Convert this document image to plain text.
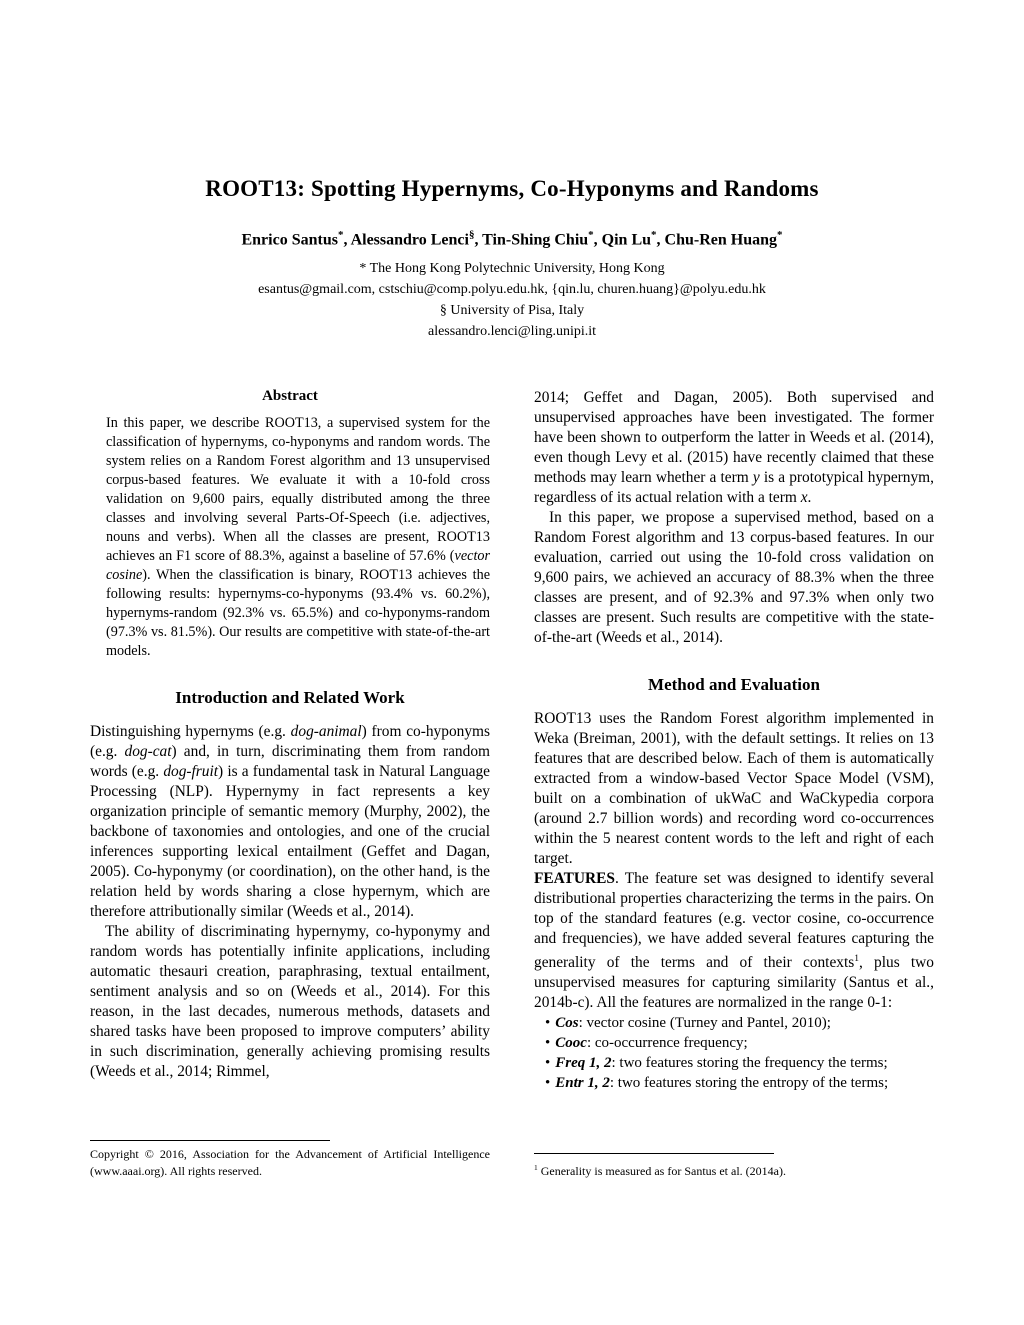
ROOT13: Spotting Hypernyms, Co-Hyponyms and Randoms
Enrico Santus*, Alessandro Lenci§, Tin-Shing Chiu*, Qin Lu*, Chu-Ren Huang*
* The Hong Kong Polytechnic University, Hong Kong
esantus@gmail.com, cstschiu@comp.polyu.edu.hk, {qin.lu, churen.huang}@polyu.edu.hk
§ University of Pisa, Italy
alessandro.lenci@ling.unipi.it
Abstract

In this paper, we describe ROOT13, a supervised system for the classification of hypernyms, co-hyponyms and random words. The system relies on a Random Forest algorithm and 13 unsupervised corpus-based features. We evaluate it with a 10-fold cross validation on 9,600 pairs, equally distributed among the three classes and involving several Parts-Of-Speech (i.e. adjectives, nouns and verbs). When all the classes are present, ROOT13 achieves an F1 score of 88.3%, against a baseline of 57.6% (vector cosine). When the classification is binary, ROOT13 achieves the following results: hypernyms-co-hyponyms (93.4% vs. 60.2%), hypernyms-random (92.3% vs. 65.5%) and co-hyponyms-random (97.3% vs. 81.5%). Our results are competitive with state-of-the-art models.

Introduction and Related Work

Distinguishing hypernyms (e.g. dog-animal) from co-hyponyms (e.g. dog-cat) and, in turn, discriminating them from random words (e.g. dog-fruit) is a fundamental task in Natural Language Processing (NLP). Hypernymy in fact represents a key organization principle of semantic memory (Murphy, 2002), the backbone of taxonomies and ontologies, and one of the crucial inferences supporting lexical entailment (Geffet and Dagan, 2005). Co-hyponymy (or coordination), on the other hand, is the relation held by words sharing a close hypernym, which are therefore attributionally similar (Weeds et al., 2014).

The ability of discriminating hypernymy, co-hyponymy and random words has potentially infinite applications, including automatic thesauri creation, paraphrasing, textual entailment, sentiment analysis and so on (Weeds et al., 2014). For this reason, in the last decades, numerous methods, datasets and shared tasks have been proposed to improve computers’ ability in such discrimination, generally achieving promising results (Weeds et al., 2014; Rimmel,

Copyright © 2016, Association for the Advancement of Artificial Intelligence (www.aaai.org). All rights reserved.

2014; Geffet and Dagan, 2005). Both supervised and unsupervised approaches have been investigated. The former have been shown to outperform the latter in Weeds et al. (2014), even though Levy et al. (2015) have recently claimed that these methods may learn whether a term y is a prototypical hypernym, regardless of its actual relation with a term x.

In this paper, we propose a supervised method, based on a Random Forest algorithm and 13 corpus-based features. In our evaluation, carried out using the 10-fold cross validation on 9,600 pairs, we achieved an accuracy of 88.3% when the three classes are present, and of 92.3% and 97.3% when only two classes are present. Such results are competitive with the state-of-the-art (Weeds et al., 2014).

Method and Evaluation

ROOT13 uses the Random Forest algorithm implemented in Weka (Breiman, 2001), with the default settings. It relies on 13 features that are described below. Each of them is automatically extracted from a window-based Vector Space Model (VSM), built on a combination of ukWaC and WaCkypedia corpora (around 2.7 billion words) and recording word co-occurrences within the 5 nearest content words to the left and right of each target.

FEATURES. The feature set was designed to identify several distributional properties characterizing the terms in the pairs. On top of the standard features (e.g. vector cosine, co-occurrence and frequencies), we have added several features capturing the generality of the terms and of their contexts$^1$, plus two unsupervised measures for capturing similarity (Santus et al., 2014b-c). All the features are normalized in the range 0-1:

• Cos: vector cosine (Turney and Pantel, 2010);
• Cooc: co-occurrence frequency;
• Freq 1, 2: two features storing the frequency the terms;
• Entr 1, 2: two features storing the entropy of the terms;
$^1$ Generality is measured as for Santus et al. (2014a).
